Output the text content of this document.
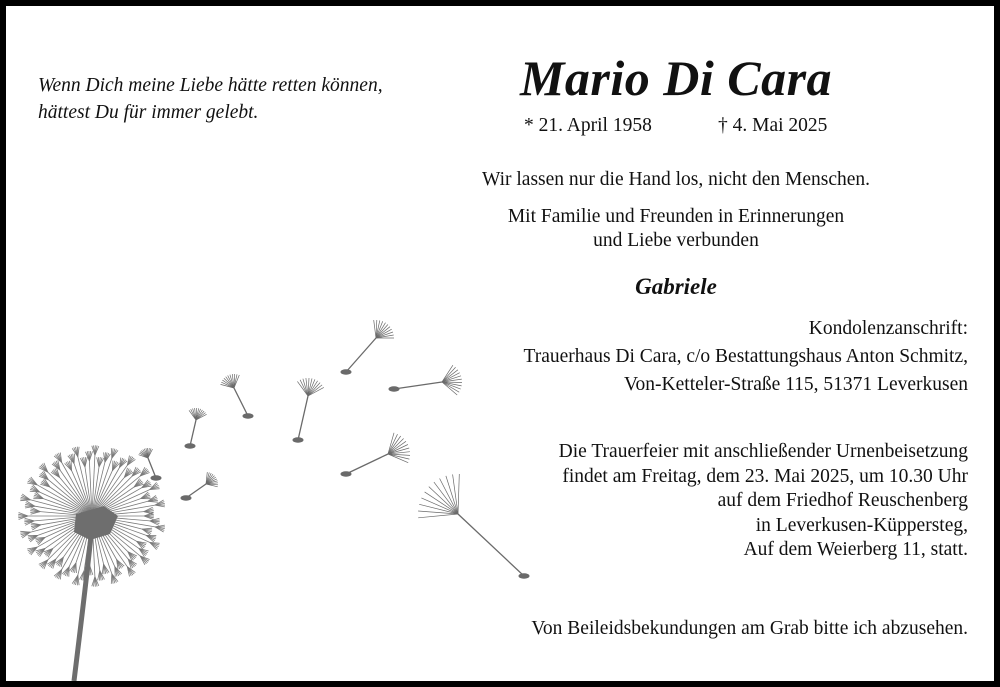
Wenn Dich meine Liebe hätte retten können,
hättest Du für immer gelebt.
Mario Di Cara
* 21. April 1958	† 4. Mai 2025
Wir lassen nur die Hand los, nicht den Menschen.
Mit Familie und Freunden in Erinnerungen
und Liebe verbunden
Gabriele
Kondolenzanschrift:
Trauerhaus Di Cara, c/o Bestattungshaus Anton Schmitz,
Von-Ketteler-Straße 115, 51371 Leverkusen
Die Trauerfeier mit anschließender Urnenbeisetzung
findet am Freitag, dem 23. Mai 2025, um 10.30 Uhr
auf dem Friedhof Reuschenberg
in Leverkusen-Küppersteg,
Auf dem Weierberg 11, statt.
Von Beileidsbekundungen am Grab bitte ich abzusehen.
